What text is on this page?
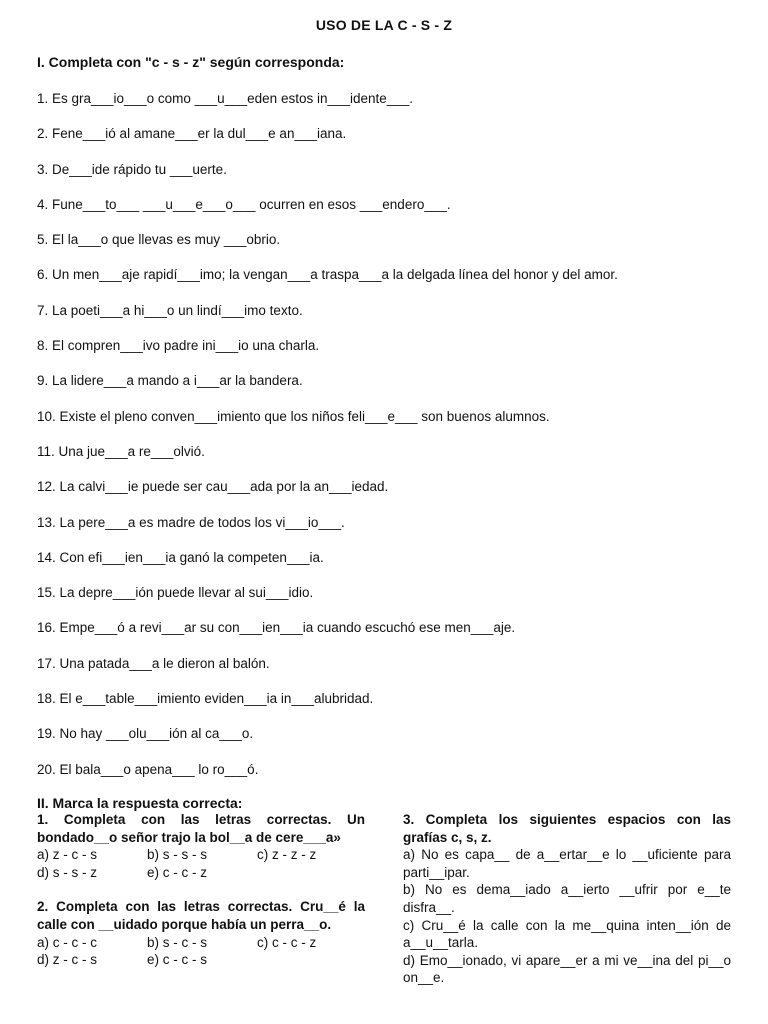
USO DE LA C - S - Z
I. Completa con "c - s - z" según corresponda:
1. Es gra___io___o como ___u___eden estos in___idente___.
2. Fene___ió al amane___er la dul___e an___iana.
3. De___ide rápido tu ___uerte.
4. Fune___to___ ___u___e___o___ ocurren en esos ___endero___.
5. El la___o que llevas es muy ___obrio.
6. Un men___aje rapidí___imo; la vengan___a traspa___a la delgada línea del honor y del amor.
7. La poeti___a hi___o un lindí___imo texto.
8. El compren___ivo padre ini___io una charla.
9. La lidere___a mando a i___ar la bandera.
10. Existe el pleno conven___imiento que los niños feli___e___ son buenos alumnos.
11. Una jue___a re___olvió.
12. La calvi___ie puede ser cau___ada por la an___iedad.
13. La pere___a es madre de todos los vi___io___.
14. Con efi___ien___ia ganó la competen___ia.
15. La depre___ión puede llevar al sui___idio.
16. Empe___ó a revi___ar su con___ien___ia cuando escuchó ese men___aje.
17. Una patada___a le dieron al balón.
18. El e___table___imiento eviden___ia in___alubridad.
19. No hay ___olu___ión al ca___o.
20. El bala___o apena___ lo ro___ó.
II. Marca la respuesta correcta:
1. Completa con las letras correctas. Un bondado__o señor trajo la bol__a de cere___a»
a) z - c - s	b) s - s - s	c) z - z - z
d) s - s - z	e) c - c - z
2. Completa con las letras correctas. Cru__é la calle con __uidado porque había un perra__o.
a) c - c - c	b) s - c - s	c) c - c - z
d) z - c - s	e) c - c - s
3. Completa los siguientes espacios con las grafías c, s, z.
a) No es capa__ de a__ertar__e lo __uficiente para parti__ipar.
b) No es dema__iado a__ierto __ufrir por e__te disfra__.
c) Cru__é la calle con la me__quina inten__ión de a__u__tarla.
d) Emo__ionado, vi apare__er a mi ve__ina del pi__o on__e.
